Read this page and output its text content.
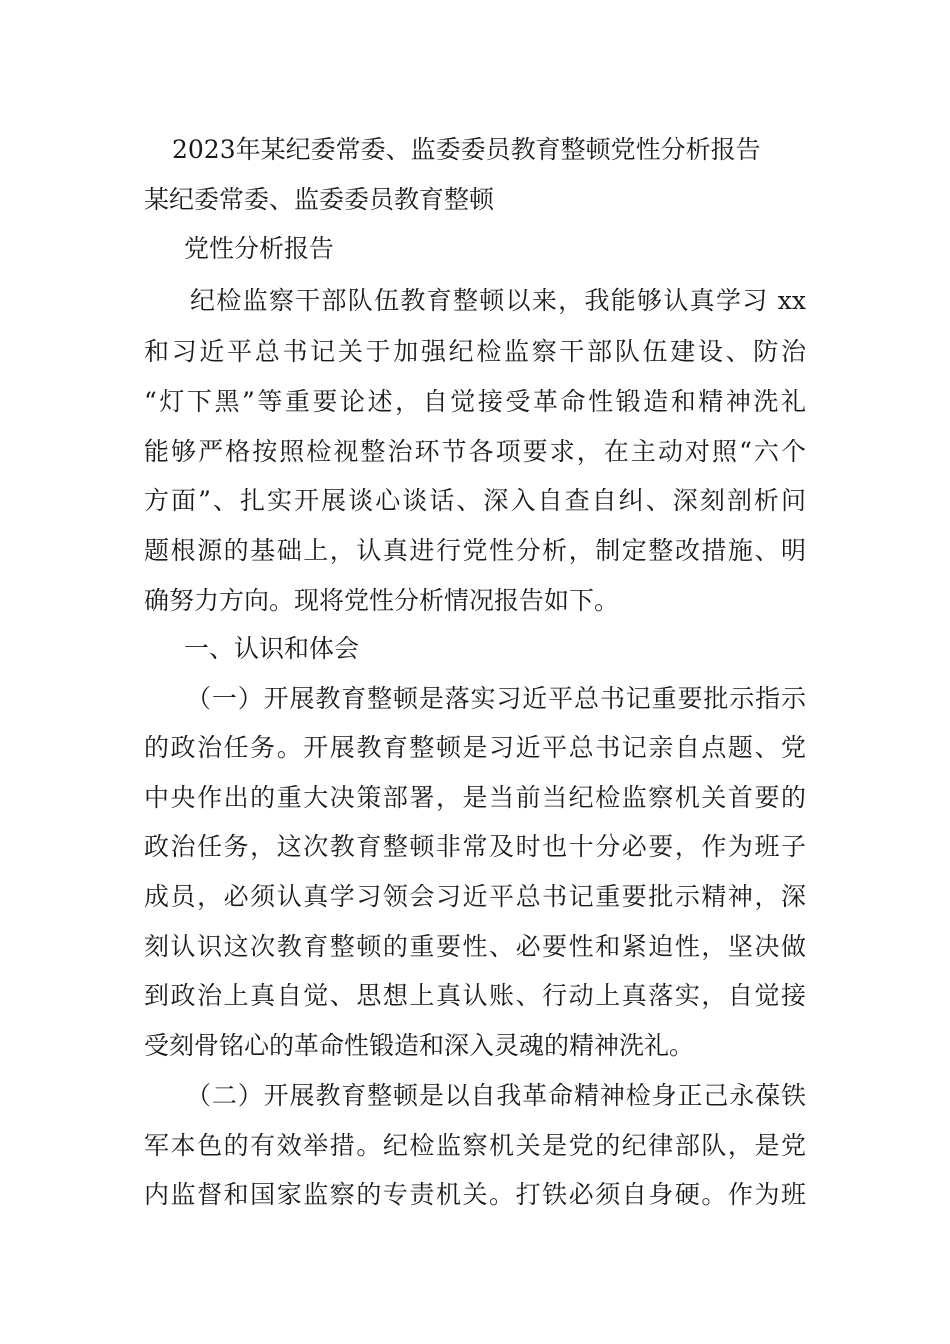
2023年某纪委常委、监委委员教育整顿党性分析报告
某纪委常委、监委委员教育整顿
党性分析报告
纪检监察干部队伍教育整顿以来，我能够认真学习 xx
和习近平总书记关于加强纪检监察干部队伍建设、防治
“灯下黑”等重要论述，自觉接受革命性锻造和精神洗礼
能够严格按照检视整治环节各项要求，在主动对照“六个
方面”、扎实开展谈心谈话、深入自查自纠、深刻剖析问
题根源的基础上，认真进行党性分析，制定整改措施、明
确努力方向。现将党性分析情况报告如下。
一、认识和体会
（一）开展教育整顿是落实习近平总书记重要批示指示
的政治任务。开展教育整顿是习近平总书记亲自点题、党
中央作出的重大决策部署，是当前当纪检监察机关首要的
政治任务，这次教育整顿非常及时也十分必要，作为班子
成员，必须认真学习领会习近平总书记重要批示精神，深
刻认识这次教育整顿的重要性、必要性和紧迫性，坚决做
到政治上真自觉、思想上真认账、行动上真落实，自觉接
受刻骨铭心的革命性锻造和深入灵魂的精神洗礼。
（二）开展教育整顿是以自我革命精神检身正己永葆铁
军本色的有效举措。纪检监察机关是党的纪律部队，是党
内监督和国家监察的专责机关。打铁必须自身硬。作为班
